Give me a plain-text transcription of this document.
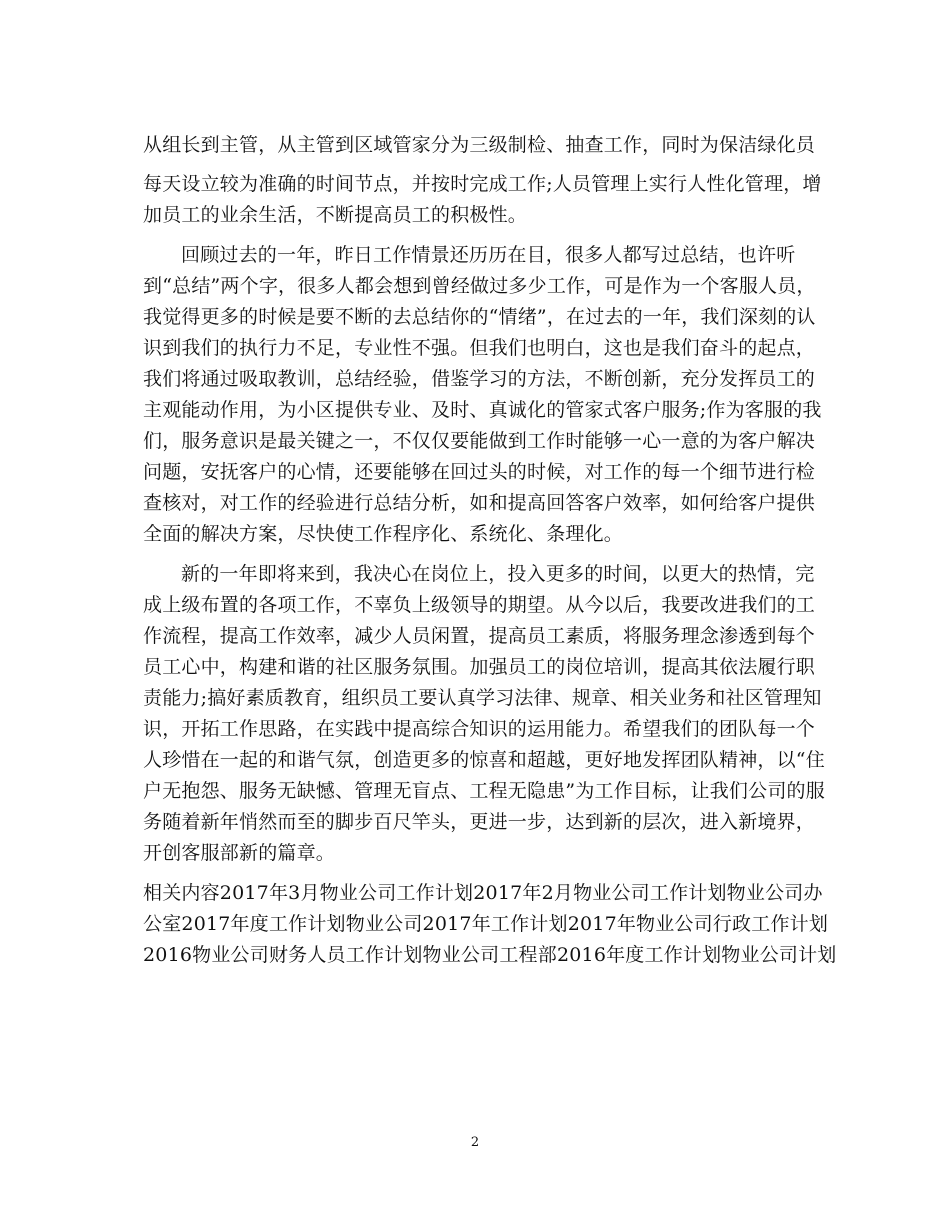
从组长到主管，从主管到区域管家分为三级制检、抽查工作，同时为保洁绿化员
每天设立较为准确的时间节点，并按时完成工作;人员管理上实行人性化管理，增
加员工的业余生活，不断提高员工的积极性。
回顾过去的一年，昨日工作情景还历历在目，很多人都写过总结，也许听
到“总结”两个字，很多人都会想到曾经做过多少工作，可是作为一个客服人员，
我觉得更多的时候是要不断的去总结你的“情绪”，在过去的一年，我们深刻的认
识到我们的执行力不足，专业性不强。但我们也明白，这也是我们奋斗的起点，
我们将通过吸取教训，总结经验，借鉴学习的方法，不断创新，充分发挥员工的
主观能动作用，为小区提供专业、及时、真诚化的管家式客户服务;作为客服的我
们，服务意识是最关键之一，不仅仅要能做到工作时能够一心一意的为客户解决
问题，安抚客户的心情，还要能够在回过头的时候，对工作的每一个细节进行检
查核对，对工作的经验进行总结分析，如和提高回答客户效率，如何给客户提供
全面的解决方案，尽快使工作程序化、系统化、条理化。
新的一年即将来到，我决心在岗位上，投入更多的时间，以更大的热情，完
成上级布置的各项工作，不辜负上级领导的期望。从今以后，我要改进我们的工
作流程，提高工作效率，减少人员闲置，提高员工素质，将服务理念渗透到每个
员工心中，构建和谐的社区服务氛围。加强员工的岗位培训，提高其依法履行职
责能力;搞好素质教育，组织员工要认真学习法律、规章、相关业务和社区管理知
识，开拓工作思路，在实践中提高综合知识的运用能力。希望我们的团队每一个
人珍惜在一起的和谐气氛，创造更多的惊喜和超越，更好地发挥团队精神，以“住
户无抱怨、服务无缺憾、管理无盲点、工程无隐患”为工作目标，让我们公司的服
务随着新年悄然而至的脚步百尺竿头，更进一步，达到新的层次，进入新境界，
开创客服部新的篇章。
相关内容2017年3月物业公司工作计划2017年2月物业公司工作计划物业公司办
公室2017年度工作计划物业公司2017年工作计划2017年物业公司行政工作计划
2016物业公司财务人员工作计划物业公司工程部2016年度工作计划物业公司计划
2
